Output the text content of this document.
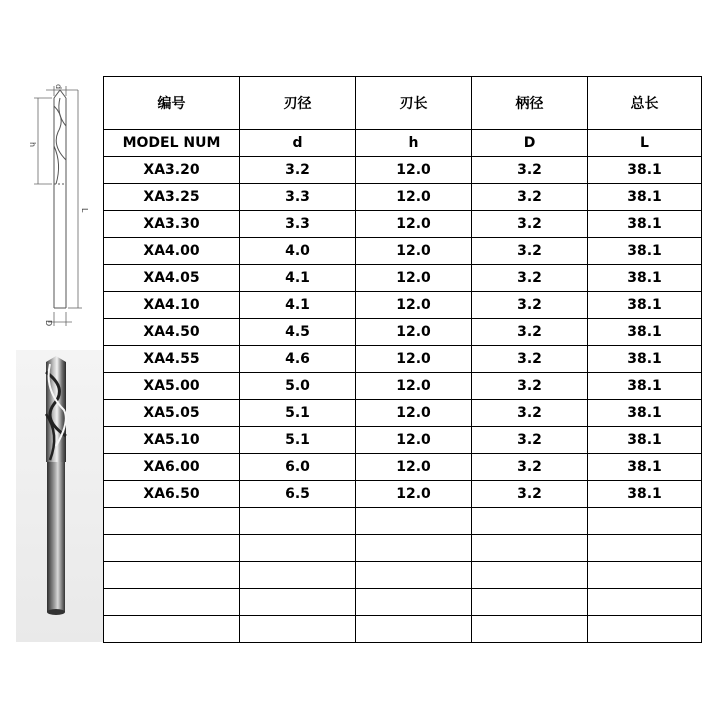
d
h
L
D
编号	刃径	刃长	柄径	总长
MODEL NUM	d	h	D	L
XA3.20	3.2	12.0	3.2	38.1
XA3.25	3.3	12.0	3.2	38.1
XA3.30	3.3	12.0	3.2	38.1
XA4.00	4.0	12.0	3.2	38.1
XA4.05	4.1	12.0	3.2	38.1
XA4.10	4.1	12.0	3.2	38.1
XA4.50	4.5	12.0	3.2	38.1
XA4.55	4.6	12.0	3.2	38.1
XA5.00	5.0	12.0	3.2	38.1
XA5.05	5.1	12.0	3.2	38.1
XA5.10	5.1	12.0	3.2	38.1
XA6.00	6.0	12.0	3.2	38.1
XA6.50	6.5	12.0	3.2	38.1
